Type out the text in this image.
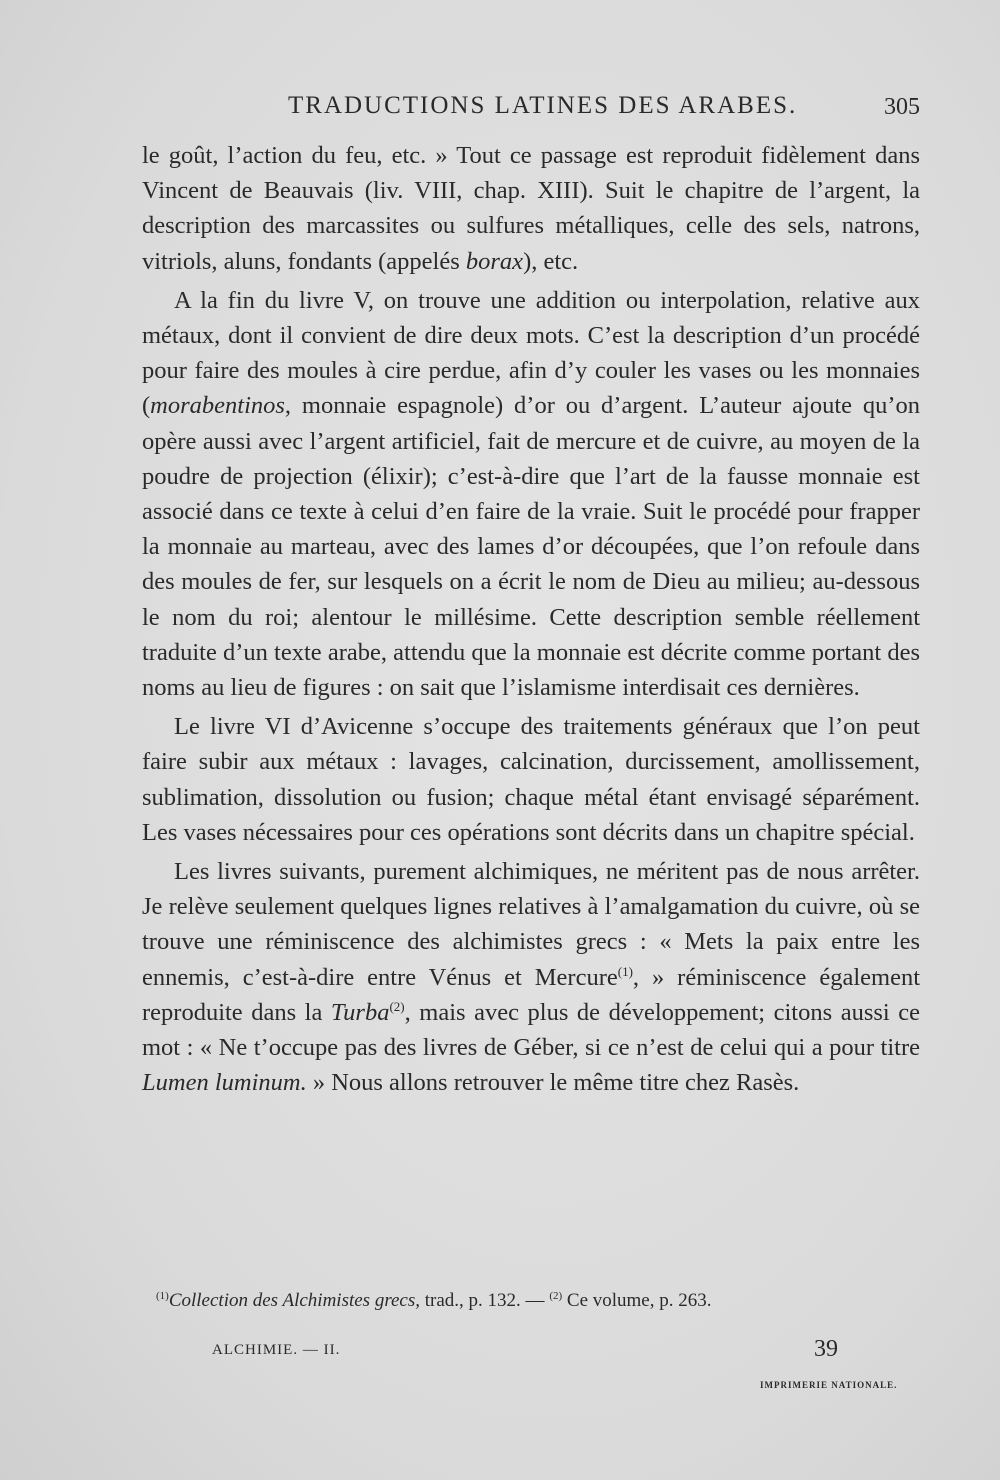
TRADUCTIONS LATINES DES ARABES.	305

le goût, l’action du feu, etc. » Tout ce passage est reproduit fidèlement dans Vincent de Beauvais (liv. VIII, chap. XIII). Suit le chapitre de l’argent, la description des marcassites ou sulfures métalliques, celle des sels, natrons, vitriols, aluns, fondants (appelés borax), etc.

A la fin du livre V, on trouve une addition ou interpolation, relative aux métaux, dont il convient de dire deux mots. C’est la description d’un procédé pour faire des moules à cire perdue, afin d’y couler les vases ou les monnaies (morabentinos, monnaie espagnole) d’or ou d’argent. L’auteur ajoute qu’on opère aussi avec l’argent artificiel, fait de mercure et de cuivre, au moyen de la poudre de projection (élixir); c’est-à-dire que l’art de la fausse monnaie est associé dans ce texte à celui d’en faire de la vraie. Suit le procédé pour frapper la monnaie au marteau, avec des lames d’or découpées, que l’on refoule dans des moules de fer, sur lesquels on a écrit le nom de Dieu au milieu; au-dessous le nom du roi; alentour le millésime. Cette description semble réellement traduite d’un texte arabe, attendu que la monnaie est décrite comme portant des noms au lieu de figures : on sait que l’islamisme interdisait ces dernières.

Le livre VI d’Avicenne s’occupe des traitements généraux que l’on peut faire subir aux métaux : lavages, calcination, durcissement, amollissement, sublimation, dissolution ou fusion; chaque métal étant envisagé séparément. Les vases nécessaires pour ces opérations sont décrits dans un chapitre spécial.

Les livres suivants, purement alchimiques, ne méritent pas de nous arrêter. Je relève seulement quelques lignes relatives à l’amalgamation du cuivre, où se trouve une réminiscence des alchimistes grecs : « Mets la paix entre les ennemis, c’est-à-dire entre Vénus et Mercure$^{(1)}$, » réminiscence également reproduite dans la Turba$^{(2)}$, mais avec plus de développement; citons aussi ce mot : « Ne t’occupe pas des livres de Géber, si ce n’est de celui qui a pour titre Lumen luminum. » Nous allons retrouver le même titre chez Rasès.

$^{(1)}$Collection des Alchimistes grecs, trad., p. 132. — $^{(2)}$ Ce volume, p. 263.
ALCHIMIE. — II.	39
IMPRIMERIE NATIONALE.
